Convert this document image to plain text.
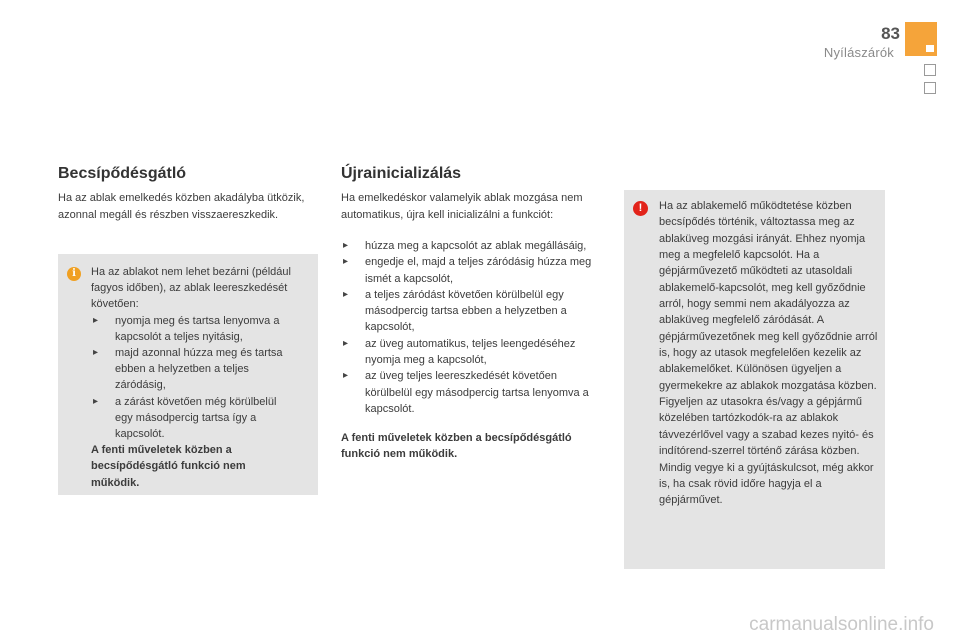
83
Nyílászárók
Becsípődésgátló

Ha az ablak emelkedés közben akadályba ütközik, azonnal megáll és részben visszaereszkedik.

i	Ha az ablakot nem lehet bezárni (például fagyos időben), az ablak leereszkedését követően:
▸ nyomja meg és tartsa lenyomva a kapcsolót a teljes nyitásig,
▸ majd azonnal húzza meg és tartsa ebben a helyzetben a teljes záródásig,
▸ a zárást követően még körülbelül egy másodpercig tartsa így a kapcsolót.
A fenti műveletek közben a becsípődésgátló funkció nem működik.
Újrainicializálás

Ha emelkedéskor valamelyik ablak mozgása nem automatikus, újra kell inicializálni a funkciót:

▸ húzza meg a kapcsolót az ablak megállásáig,
▸ engedje el, majd a teljes záródásig húzza meg ismét a kapcsolót,
▸ a teljes záródást követően körülbelül egy másodpercig tartsa ebben a helyzetben a kapcsolót,
▸ az üveg automatikus, teljes leengedéséhez nyomja meg a kapcsolót,
▸ az üveg teljes leereszkedését követően körülbelül egy másodpercig tartsa lenyomva a kapcsolót.

A fenti műveletek közben a becsípődésgátló funkció nem működik.

!	Ha az ablakemelő működtetése közben becsípődés történik, változtassa meg az ablaküveg mozgási irányát. Ehhez nyomja meg a megfelelő kapcsolót. Ha a gépjárművezető működteti az utasoldali ablakemelő-kapcsolót, meg kell győződnie arról, hogy semmi nem akadályozza az ablaküveg megfelelő záródását. A gépjárművezetőnek meg kell győződnie arról is, hogy az utasok megfelelően kezelik az ablakemelőket. Különösen ügyeljen a gyermekekre az ablakok mozgatása közben. Figyeljen az utasokra és/vagy a gépjármű közelében tartózkodók-ra az ablakok távvezérlővel vagy a szabad kezes nyitó- és indítórend-szerrel történő zárása közben. Mindig vegye ki a gyújtáskulcsot, még akkor is, ha csak rövid időre hagyja el a gépjárművet.
carmanualsonline.info
